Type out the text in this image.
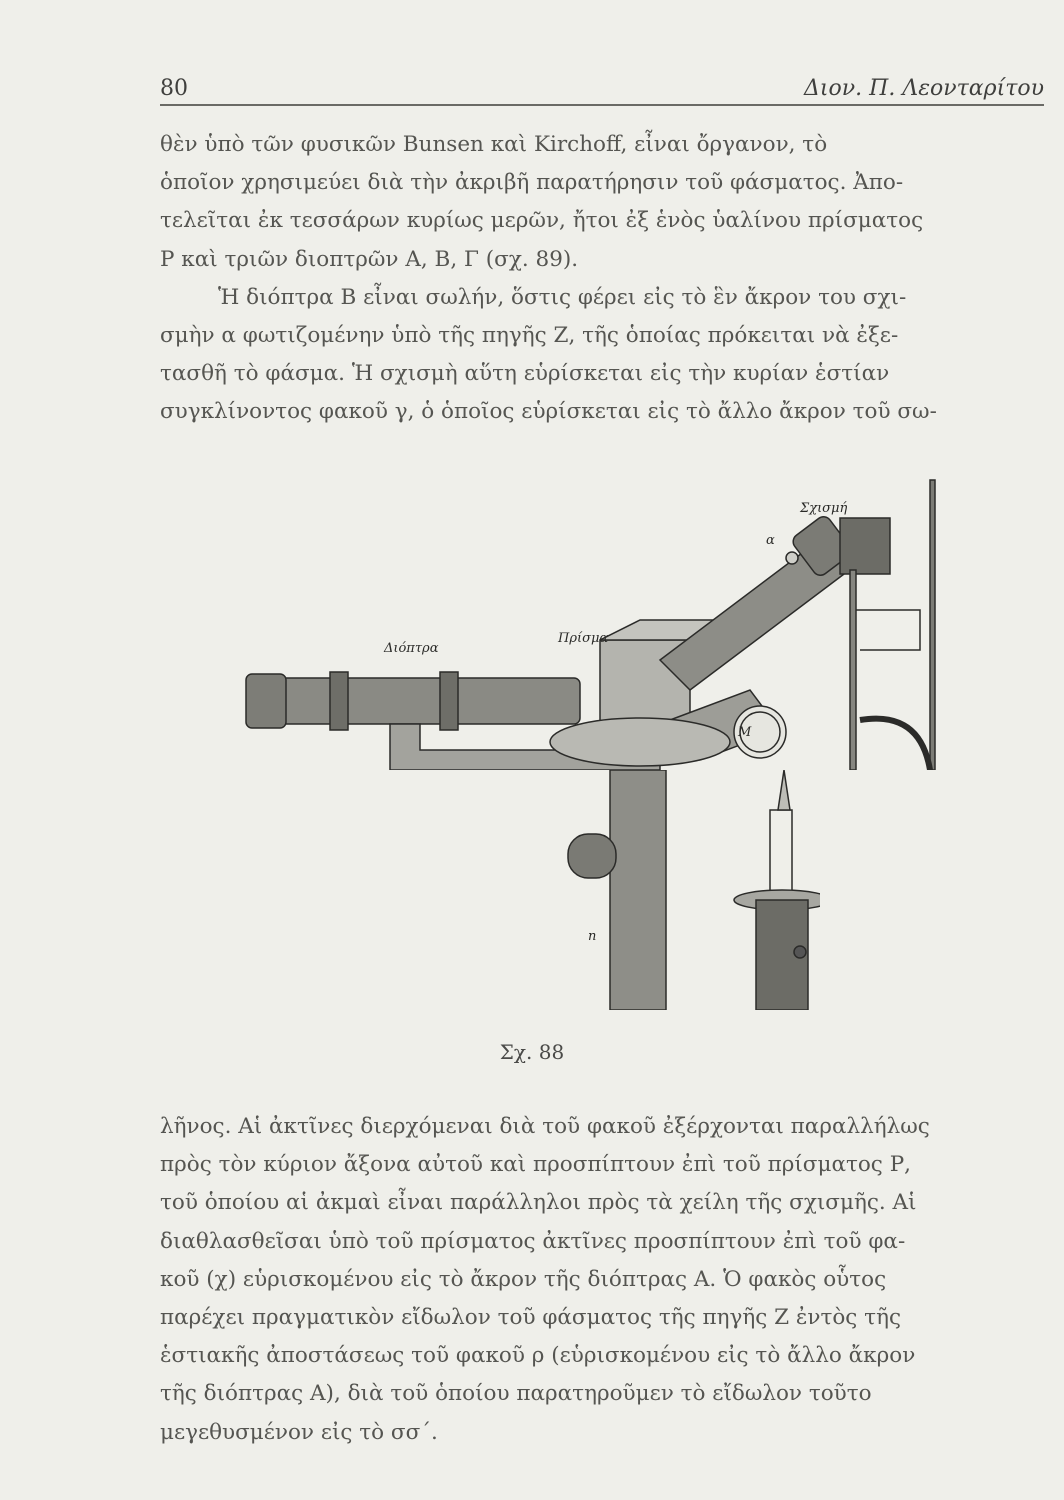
80	Διον. Π. Λεονταρίτου
θὲν ὑπὸ τῶν φυσικῶν Bunsen καὶ Kirchoff, εἶναι ὄργανον, τὸ
ὁποῖον χρησιμεύει διὰ τὴν ἀκριβῆ παρατήρησιν τοῦ φάσματος. Ἀπο-
τελεῖται ἐκ τεσσάρων κυρίως μερῶν, ἤτοι ἐξ ἑνὸς ὑαλίνου πρίσματος
Ρ καὶ τριῶν διοπτρῶν Α, Β, Γ (σχ. 89).
Ἡ διόπτρα Β εἶναι σωλήν, ὅστις φέρει εἰς τὸ ἓν ἄκρον του σχι-
σμὴν α φωτιζομένην ὑπὸ τῆς πηγῆς Ζ, τῆς ὁποίας πρόκειται νὰ ἐξε-
τασθῆ τὸ φάσμα. Ἡ σχισμὴ αὕτη εὑρίσκεται εἰς τὴν κυρίαν ἑστίαν
συγκλίνοντος φακοῦ γ, ὁ ὁποῖος εὑρίσκεται εἰς τὸ ἄλλο ἄκρον τοῦ σω-
Σχισμή
α
Πρίσμα
Διόπτρα
M
n
Σχ. 88
λῆνος. Αἱ ἀκτῖνες διερχόμεναι διὰ τοῦ φακοῦ ἐξέρχονται παραλλήλως
πρὸς τὸν κύριον ἄξονα αὐτοῦ καὶ προσπίπτουν ἐπὶ τοῦ πρίσματος Ρ,
τοῦ ὁποίου αἱ ἀκμαὶ εἶναι παράλληλοι πρὸς τὰ χείλη τῆς σχισμῆς. Αἱ
διαθλασθεῖσαι ὑπὸ τοῦ πρίσματος ἀκτῖνες προσπίπτουν ἐπὶ τοῦ φα-
κοῦ (χ) εὑρισκομένου εἰς τὸ ἄκρον τῆς διόπτρας Α. Ὁ φακὸς οὗτος
παρέχει πραγματικὸν εἴδωλον τοῦ φάσματος τῆς πηγῆς Ζ ἐντὸς τῆς
ἑστιακῆς ἀποστάσεως τοῦ φακοῦ ρ (εὑρισκομένου εἰς τὸ ἄλλο ἄκρον
τῆς διόπτρας Α), διὰ τοῦ ὁποίου παρατηροῦμεν τὸ εἴδωλον τοῦτο
μεγεθυσμένον εἰς τὸ σσ΄.
